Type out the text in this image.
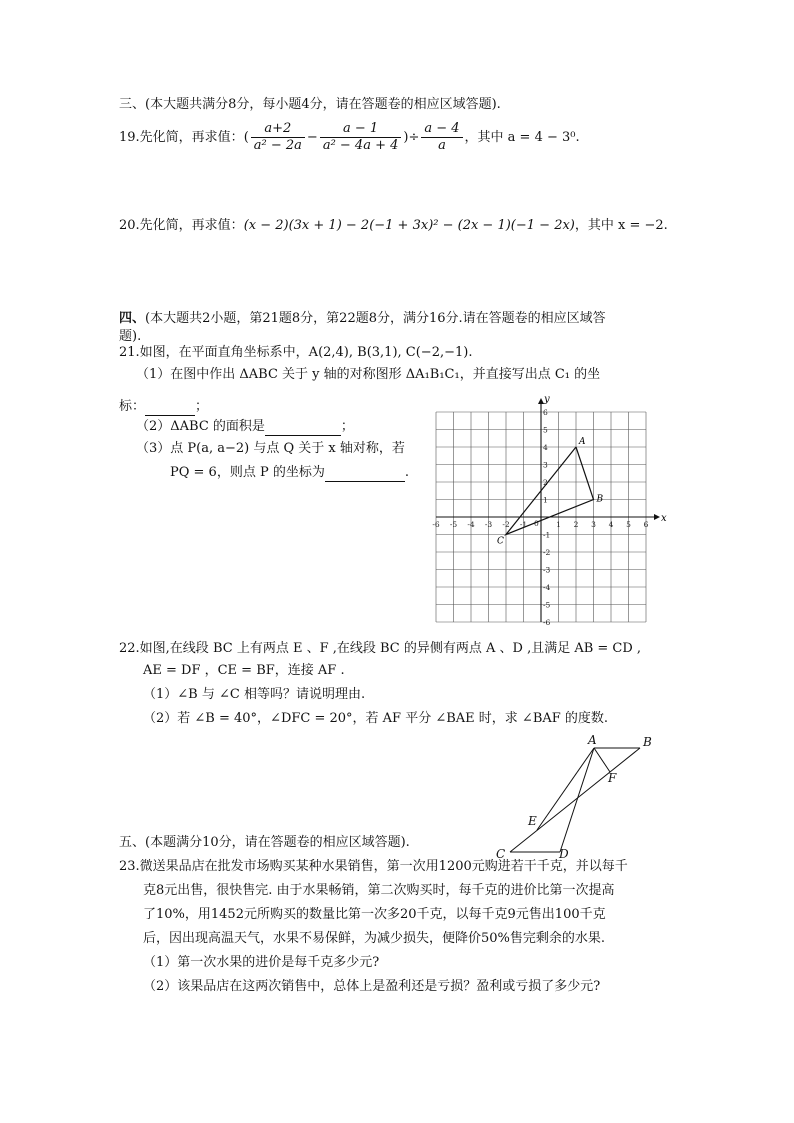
三、(本大题共满分8分，每小题4分，请在答题卷的相应区域答题).
19.先化简，再求值：( $\frac{a+2}{\text{a² − 2a}} - \frac{a - 1}{\text{a² − 4a + 4}}$ )÷ $\frac{a - 4}{a}$ ，其中 a = 4 − 3⁰.
20.先化简，再求值：(x − 2)(3x + 1) − 2(−1 + 3x)² − (2x − 1)(−1 − 2x)，其中 x = −2.
四、(本大题共2小题，第21题8分，第22题8分，满分16分.请在答题卷的相应区域答
题).
21.如图，在平面直角坐标系中，A(2,4), B(3,1), C(−2,−1).
（1）在图中作出 ΔABC 关于 y 轴的对称图形 ΔA₁B₁C₁，并直接写出点 C₁ 的坐
标：	；
（2）ΔABC 的面积是	；
（3）点 P(a, a−2) 与点 Q 关于 x 轴对称，若
PQ = 6，则点 P 的坐标为	.
x
y
-6 -5 -4 -3 -2 -1	1 2 3 4 5 6
6
5
4
3
2
1
-1
-2
-3
-4
-5
-6
0
A
B
C
22.如图,在线段 BC 上有两点 E 、F ,在线段 BC 的异侧有两点 A 、D ,且满足 AB = CD ,
AE = DF ，CE = BF，连接 AF .
（1）∠B 与 ∠C 相等吗？请说明理由.
（2）若 ∠B = 40°，∠DFC = 20°，若 AF 平分 ∠BAE 时，求 ∠BAF 的度数.
A	B
F
E
C	D
五、(本题满分10分，请在答题卷的相应区域答题).
23.微送果品店在批发市场购买某种水果销售，第一次用1200元购进若干千克，并以每千
克8元出售，很快售完. 由于水果畅销，第二次购买时，每千克的进价比第一次提高
了10%，用1452元所购买的数量比第一次多20千克，以每千克9元售出100千克
后，因出现高温天气，水果不易保鲜，为减少损失，便降价50%售完剩余的水果.
（1）第一次水果的进价是每千克多少元?
（2）该果品店在这两次销售中，总体上是盈利还是亏损？盈利或亏损了多少元?
